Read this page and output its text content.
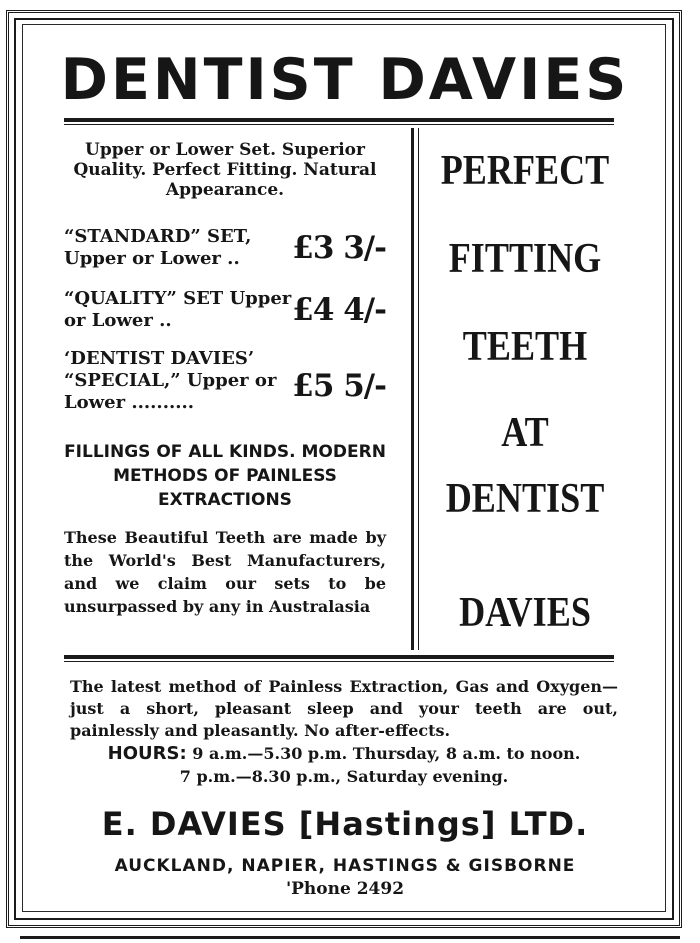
DENTIST DAVIES

Upper or Lower Set. Superior Quality. Perfect Fitting. Natural Appearance.

“STANDARD” SET, Upper or Lower ..	£3 3/-
“QUALITY” SET Upper or Lower ..	£4 4/-
‘DENTIST DAVIES’ “SPECIAL,” Upper or Lower ..........	£5 5/-

FILLINGS OF ALL KINDS. MODERN METHODS OF PAINLESS EXTRACTIONS

These Beautiful Teeth are made by the World's Best Manufacturers, and we claim our sets to be unsurpassed by any in Australasia

PERFECT
FITTING
TEETH
AT
DENTIST
DAVIES

The latest method of Painless Extraction, Gas and Oxygen—just a short, pleasant sleep and your teeth are out, painlessly and pleasantly. No after-effects.

HOURS: 9 a.m.—5.30 p.m. Thursday, 8 a.m. to noon.
7 p.m.—8.30 p.m., Saturday evening.
E. DAVIES [Hastings] LTD.
AUCKLAND, NAPIER, HASTINGS & GISBORNE
'Phone 2492
